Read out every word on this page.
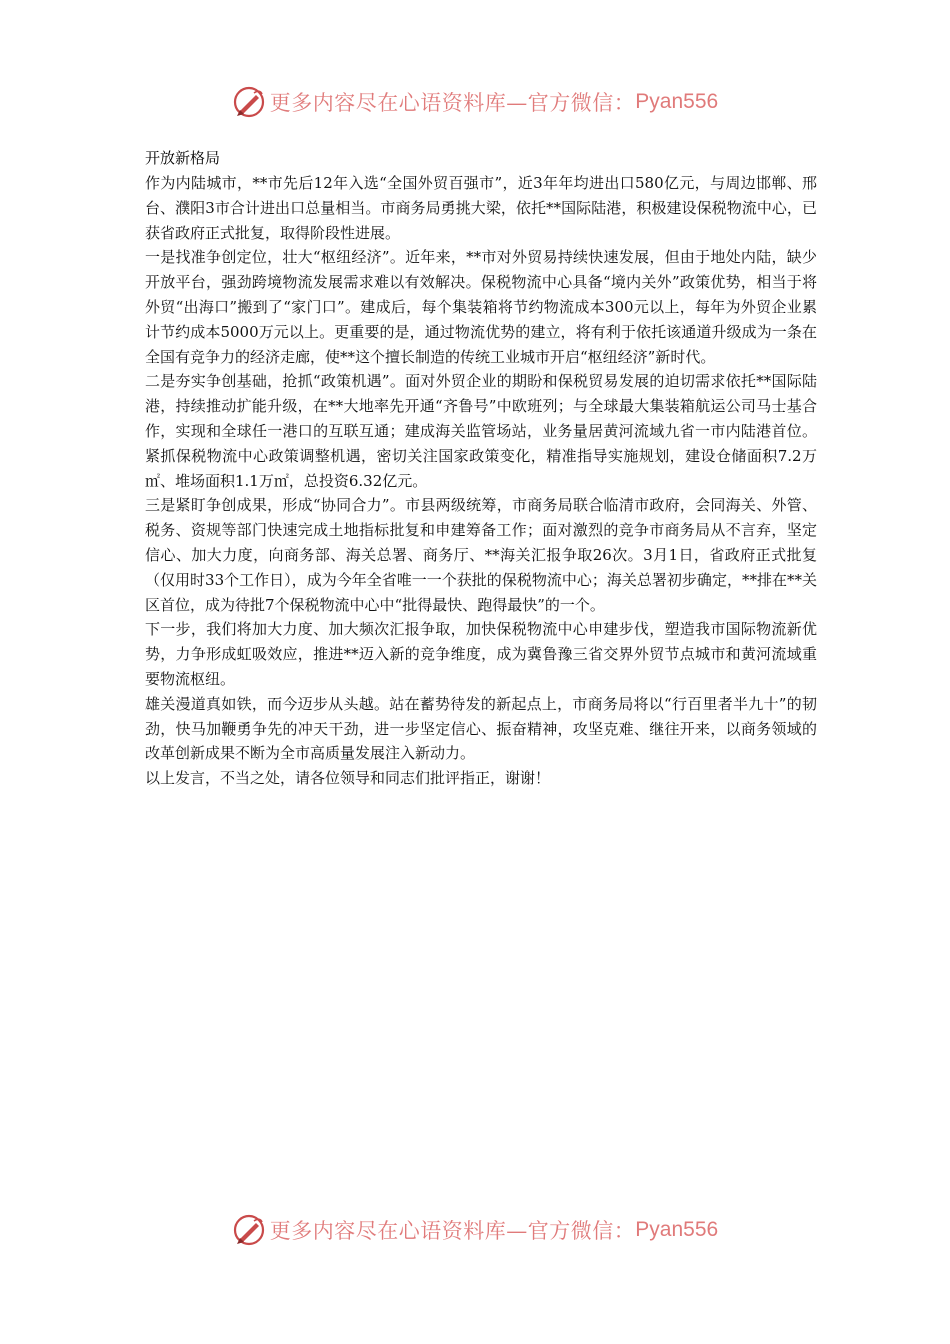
更多内容尽在心语资料库—官方微信： Pyan556
开放新格局

作为内陆城市，**市先后12年入选“全国外贸百强市”，近3年年均进出口580亿元，与周边邯郸、邢台、濮阳3市合计进出口总量相当。市商务局勇挑大梁，依托**国际陆港，积极建设保税物流中心，已获省政府正式批复，取得阶段性进展。

一是找准争创定位，壮大“枢纽经济”。近年来，**市对外贸易持续快速发展，但由于地处内陆，缺少开放平台，强劲跨境物流发展需求难以有效解决。保税物流中心具备“境内关外”政策优势，相当于将外贸“出海口”搬到了“家门口”。建成后，每个集装箱将节约物流成本300元以上，每年为外贸企业累计节约成本5000万元以上。更重要的是，通过物流优势的建立，将有利于依托该通道升级成为一条在全国有竞争力的经济走廊，使**这个擅长制造的传统工业城市开启“枢纽经济”新时代。

二是夯实争创基础，抢抓“政策机遇”。面对外贸企业的期盼和保税贸易发展的迫切需求依托**国际陆港，持续推动扩能升级，在**大地率先开通“齐鲁号”中欧班列；与全球最大集装箱航运公司马士基合作，实现和全球任一港口的互联互通；建成海关监管场站，业务量居黄河流域九省一市内陆港首位。紧抓保税物流中心政策调整机遇，密切关注国家政策变化，精准指导实施规划，建设仓储面积7.2万㎡、堆场面积1.1万㎡，总投资6.32亿元。

三是紧盯争创成果，形成“协同合力”。市县两级统筹，市商务局联合临清市政府，会同海关、外管、税务、资规等部门快速完成土地指标批复和申建筹备工作；面对激烈的竞争市商务局从不言弃，坚定信心、加大力度，向商务部、海关总署、商务厅、**海关汇报争取26次。3月1日，省政府正式批复（仅用时33个工作日），成为今年全省唯一一个获批的保税物流中心；海关总署初步确定，**排在**关区首位，成为待批7个保税物流中心中“批得最快、跑得最快”的一个。

下一步，我们将加大力度、加大频次汇报争取，加快保税物流中心申建步伐，塑造我市国际物流新优势，力争形成虹吸效应，推进**迈入新的竞争维度，成为冀鲁豫三省交界外贸节点城市和黄河流域重要物流枢纽。

雄关漫道真如铁，而今迈步从头越。站在蓄势待发的新起点上，市商务局将以“行百里者半九十”的韧劲，快马加鞭勇争先的冲天干劲，进一步坚定信心、振奋精神，攻坚克难、继往开来，以商务领域的改革创新成果不断为全市高质量发展注入新动力。

以上发言，不当之处，请各位领导和同志们批评指正，谢谢！

更多内容尽在心语资料库—官方微信： Pyan556
